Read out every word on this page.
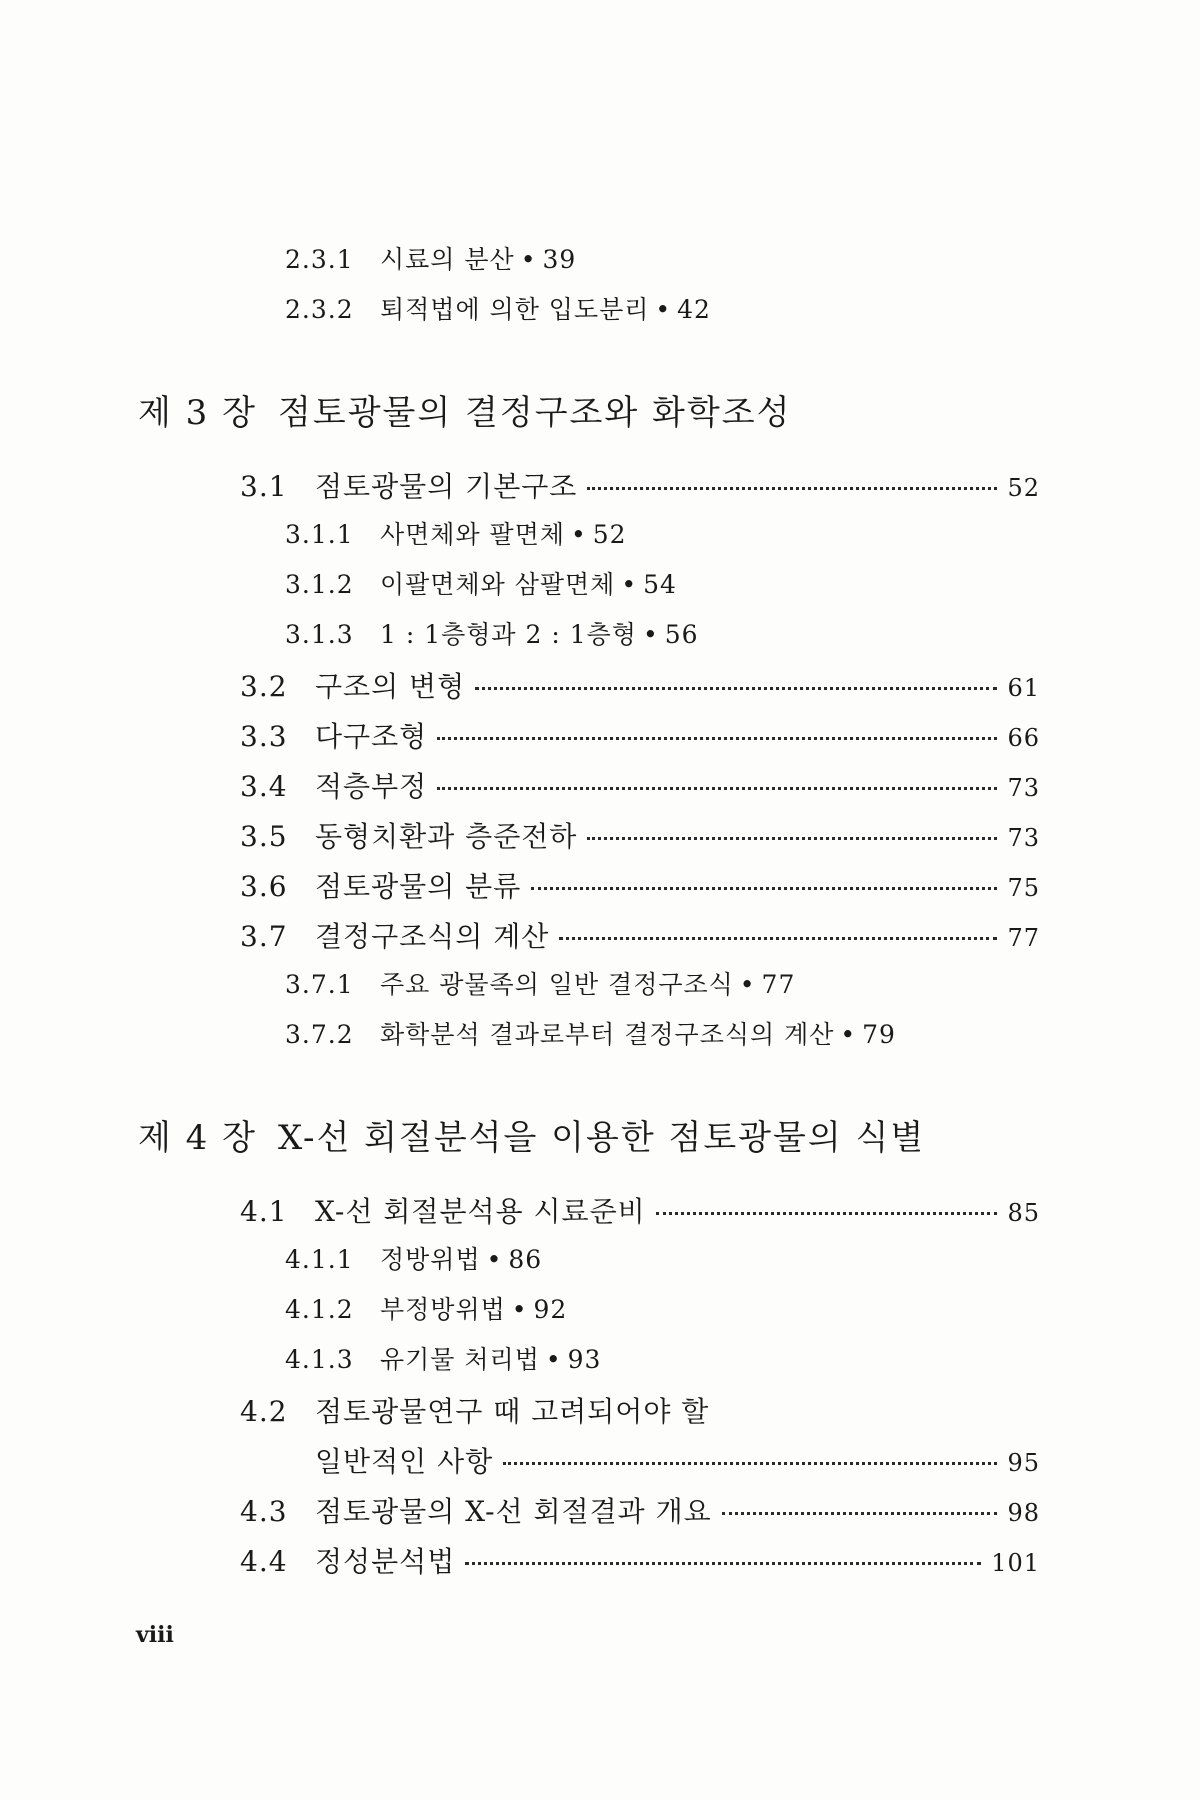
2.3.1	시료의 분산 • 39
2.3.2	퇴적법에 의한 입도분리 • 42
제 3 장 점토광물의 결정구조와 화학조성
3.1 점토광물의 기본구조	52
3.1.1	사면체와 팔면체 • 52
3.1.2	이팔면체와 삼팔면체 • 54
3.1.3	1 : 1층형과 2 : 1층형 • 56
3.2 구조의 변형	61
3.3 다구조형	66
3.4 적층부정	73
3.5 동형치환과 층준전하	73
3.6 점토광물의 분류	75
3.7 결정구조식의 계산	77
3.7.1	주요 광물족의 일반 결정구조식 • 77
3.7.2	화학분석 결과로부터 결정구조식의 계산 • 79
제 4 장 X-선 회절분석을 이용한 점토광물의 식별
4.1 X-선 회절분석용 시료준비	85
4.1.1	정방위법 • 86
4.1.2	부정방위법 • 92
4.1.3	유기물 처리법 • 93
4.2 점토광물연구 때 고려되어야 할
일반적인 사항	95
4.3 점토광물의 X-선 회절결과 개요	98
4.4 정성분석법	101
viii
